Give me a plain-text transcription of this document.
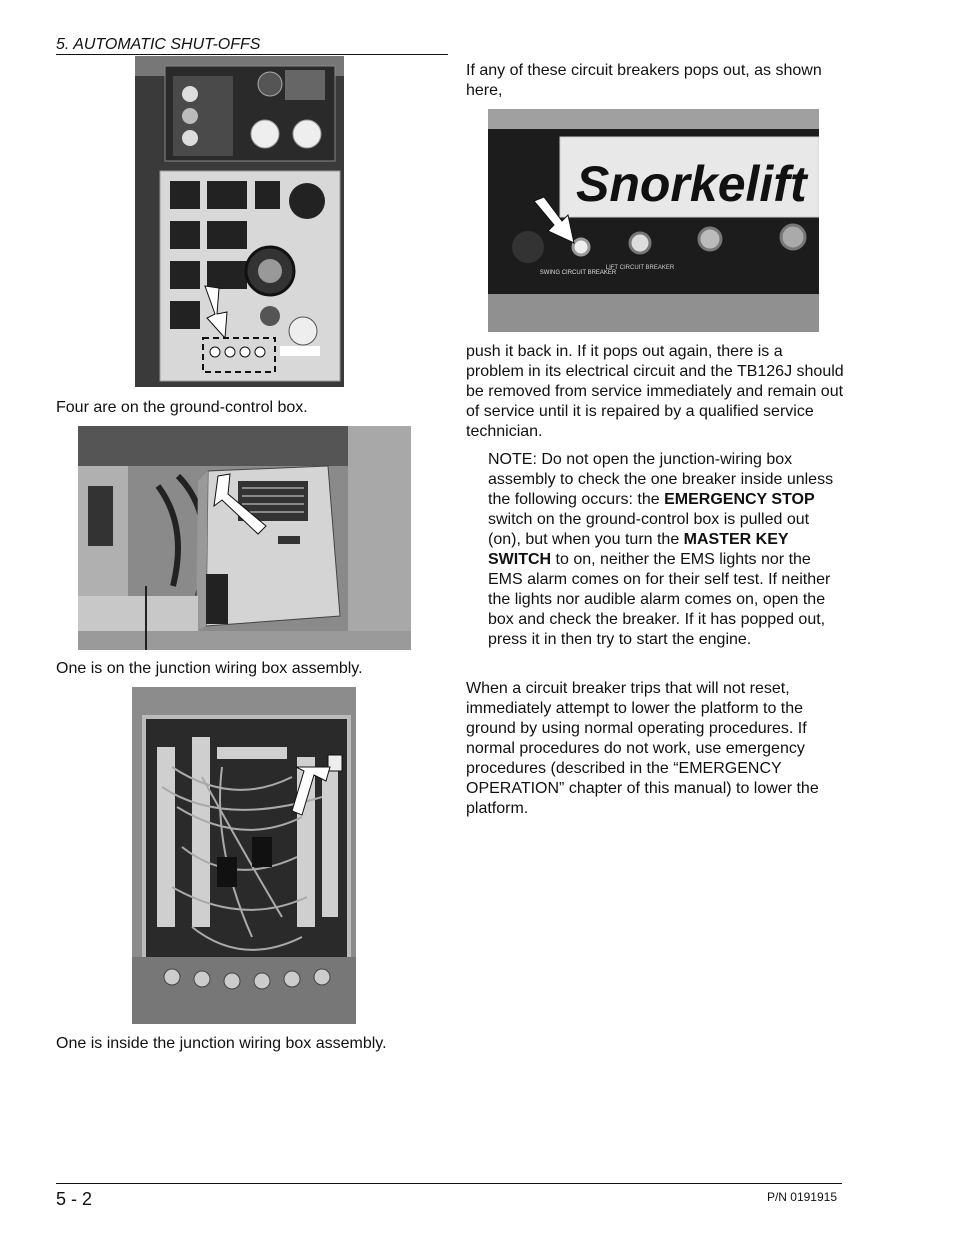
5. AUTOMATIC SHUT-OFFS
Four are on the ground-control box.
One is on the junction wiring box assembly.
One is inside the junction wiring box assembly.
If any of these circuit breakers pops out, as shown here,
Snorkelift
SWING CIRCUIT BREAKER
LIFT CIRCUIT BREAKER
push it back in. If it pops out again, there is a problem in its electrical circuit and the TB126J should be removed from service immediately and remain out of service until it is repaired by a qualified service technician.
NOTE: Do not open the junction-wiring box assembly to check the one breaker inside unless the following occurs: the EMERGENCY STOP switch on the ground-control box is pulled out (on), but when you turn the MASTER KEY SWITCH to on, neither the EMS lights nor the EMS alarm comes on for their self test. If neither the lights nor audible alarm comes on, open the box and check the breaker. If it has popped out, press it in then try to start the engine.
When a circuit breaker trips that will not reset, immediately attempt to lower the platform to the ground by using normal operating procedures. If normal procedures do not work, use emergency procedures (described in the “EMERGENCY OPERATION” chapter of this manual) to lower the platform.
5 - 2	P/N 0191915
